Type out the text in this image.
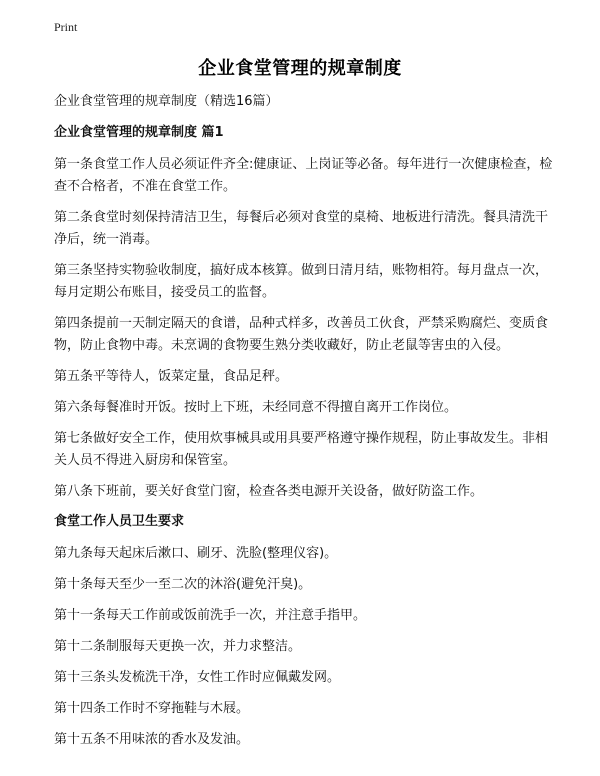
Print
企业食堂管理的规章制度

企业食堂管理的规章制度（精选16篇）

企业食堂管理的规章制度 篇1

第一条食堂工作人员必须证件齐全:健康证、上岗证等必备。每年进行一次健康检查，检查不合格者，不准在食堂工作。

第二条食堂时刻保持清洁卫生，每餐后必须对食堂的桌椅、地板进行清洗。餐具清洗干净后，统一消毒。

第三条坚持实物验收制度，搞好成本核算。做到日清月结，账物相符。每月盘点一次，每月定期公布账目，接受员工的监督。

第四条提前一天制定隔天的食谱，品种式样多，改善员工伙食，严禁采购腐烂、变质食物，防止食物中毒。未烹调的食物要生熟分类收藏好，防止老鼠等害虫的入侵。

第五条平等待人，饭菜定量，食品足秤。

第六条每餐准时开饭。按时上下班，未经同意不得擅自离开工作岗位。

第七条做好安全工作，使用炊事械具或用具要严格遵守操作规程，防止事故发生。非相关人员不得进入厨房和保管室。

第八条下班前，要关好食堂门窗，检查各类电源开关设备，做好防盗工作。

食堂工作人员卫生要求

第九条每天起床后漱口、刷牙、洗脸(整理仪容)。

第十条每天至少一至二次的沐浴(避免汗臭)。

第十一条每天工作前或饭前洗手一次，并注意手指甲。

第十二条制服每天更换一次，并力求整洁。

第十三条头发梳洗干净，女性工作时应佩戴发网。

第十四条工作时不穿拖鞋与木屐。

第十五条不用味浓的香水及发油。
